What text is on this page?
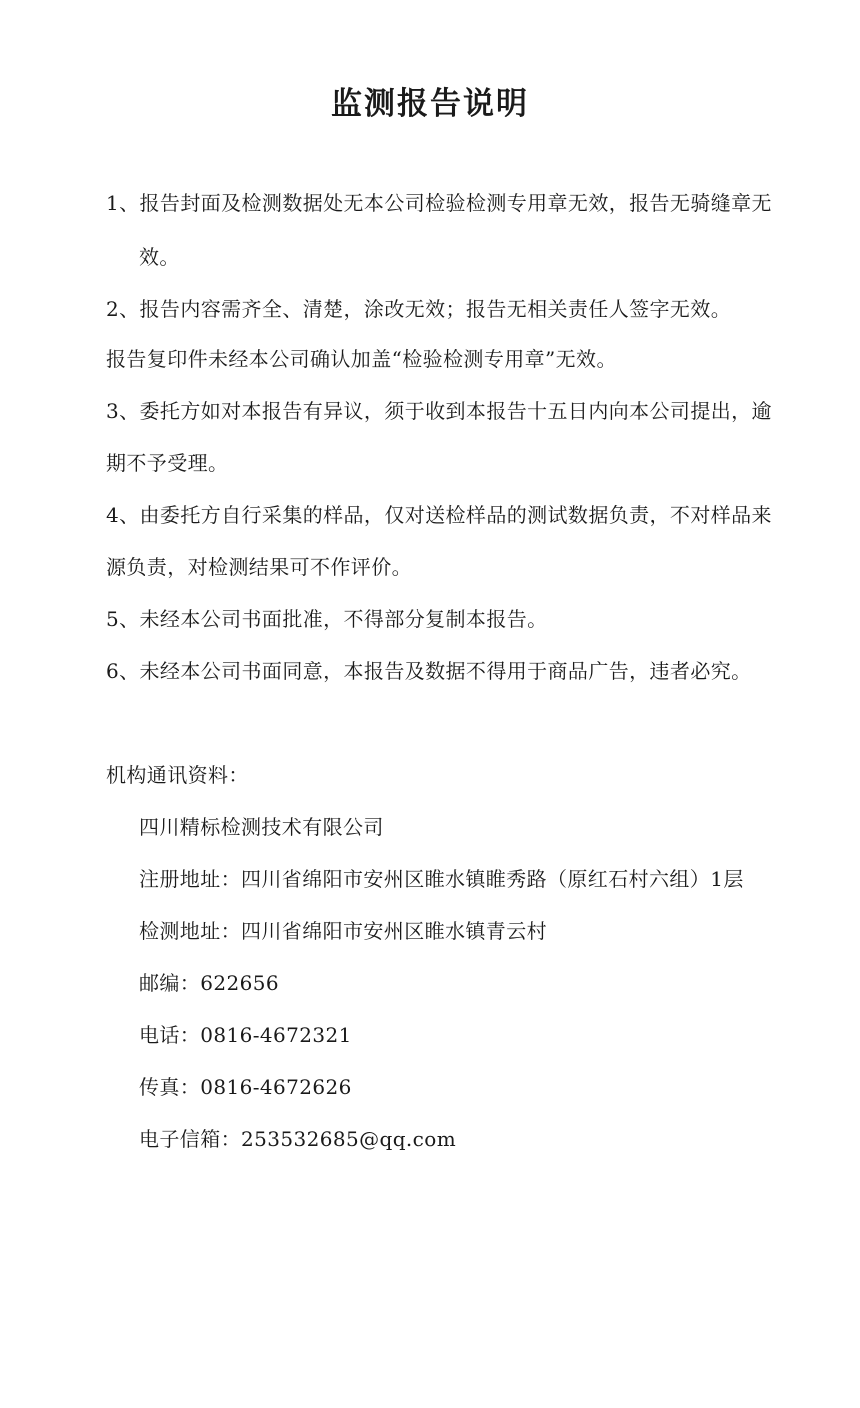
监测报告说明
1、报告封面及检测数据处无本公司检验检测专用章无效，报告无骑缝章无
效。
2、报告内容需齐全、清楚，涂改无效；报告无相关责任人签字无效。
报告复印件未经本公司确认加盖“检验检测专用章”无效。
3、委托方如对本报告有异议，须于收到本报告十五日内向本公司提出，逾
期不予受理。
4、由委托方自行采集的样品，仅对送检样品的测试数据负责，不对样品来
源负责，对检测结果可不作评价。
5、未经本公司书面批准，不得部分复制本报告。
6、未经本公司书面同意，本报告及数据不得用于商品广告，违者必究。
机构通讯资料：
四川精标检测技术有限公司
注册地址：四川省绵阳市安州区睢水镇睢秀路（原红石村六组）1层
检测地址：四川省绵阳市安州区睢水镇青云村
邮编：622656
电话：0816-4672321
传真：0816-4672626
电子信箱：253532685@qq.com
